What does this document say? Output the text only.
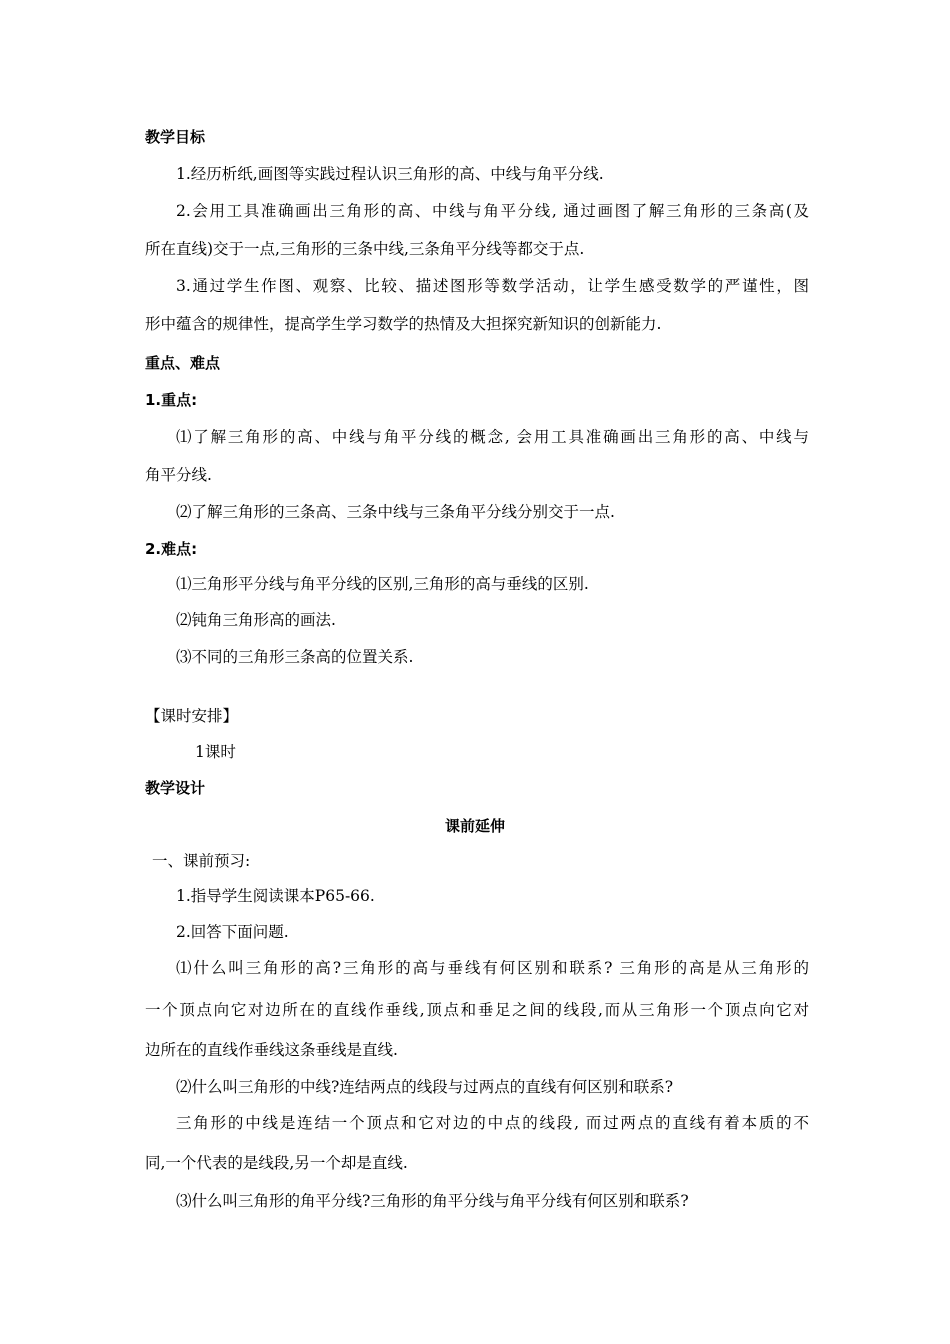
教学目标
1.经历析纸,画图等实践过程认识三角形的高、中线与角平分线.
2.会用工具准确画出三角形的高、中线与角平分线, 通过画图了解三角形的三条高(及
所在直线)交于一点,三角形的三条中线,三条角平分线等都交于点.
3.通过学生作图、观察、比较、描述图形等数学活动，让学生感受数学的严谨性，图
形中蕴含的规律性，提高学生学习数学的热情及大担探究新知识的创新能力.
重点、难点
1.重点:
⑴了解三角形的高、中线与角平分线的概念, 会用工具准确画出三角形的高、中线与
角平分线.
⑵了解三角形的三条高、三条中线与三条角平分线分别交于一点.
2.难点:
⑴三角形平分线与角平分线的区别,三角形的高与垂线的区别.
⑵钝角三角形高的画法.
⑶不同的三角形三条高的位置关系.
【课时安排】
1课时
教学设计
课前延伸
一、课前预习:
1.指导学生阅读课本P65-66.
2.回答下面问题.
⑴什么叫三角形的高?三角形的高与垂线有何区别和联系? 三角形的高是从三角形的
一个顶点向它对边所在的直线作垂线,顶点和垂足之间的线段,而从三角形一个顶点向它对
边所在的直线作垂线这条垂线是直线.
⑵什么叫三角形的中线?连结两点的线段与过两点的直线有何区别和联系?
三角形的中线是连结一个顶点和它对边的中点的线段, 而过两点的直线有着本质的不
同,一个代表的是线段,另一个却是直线.
⑶什么叫三角形的角平分线?三角形的角平分线与角平分线有何区别和联系?
